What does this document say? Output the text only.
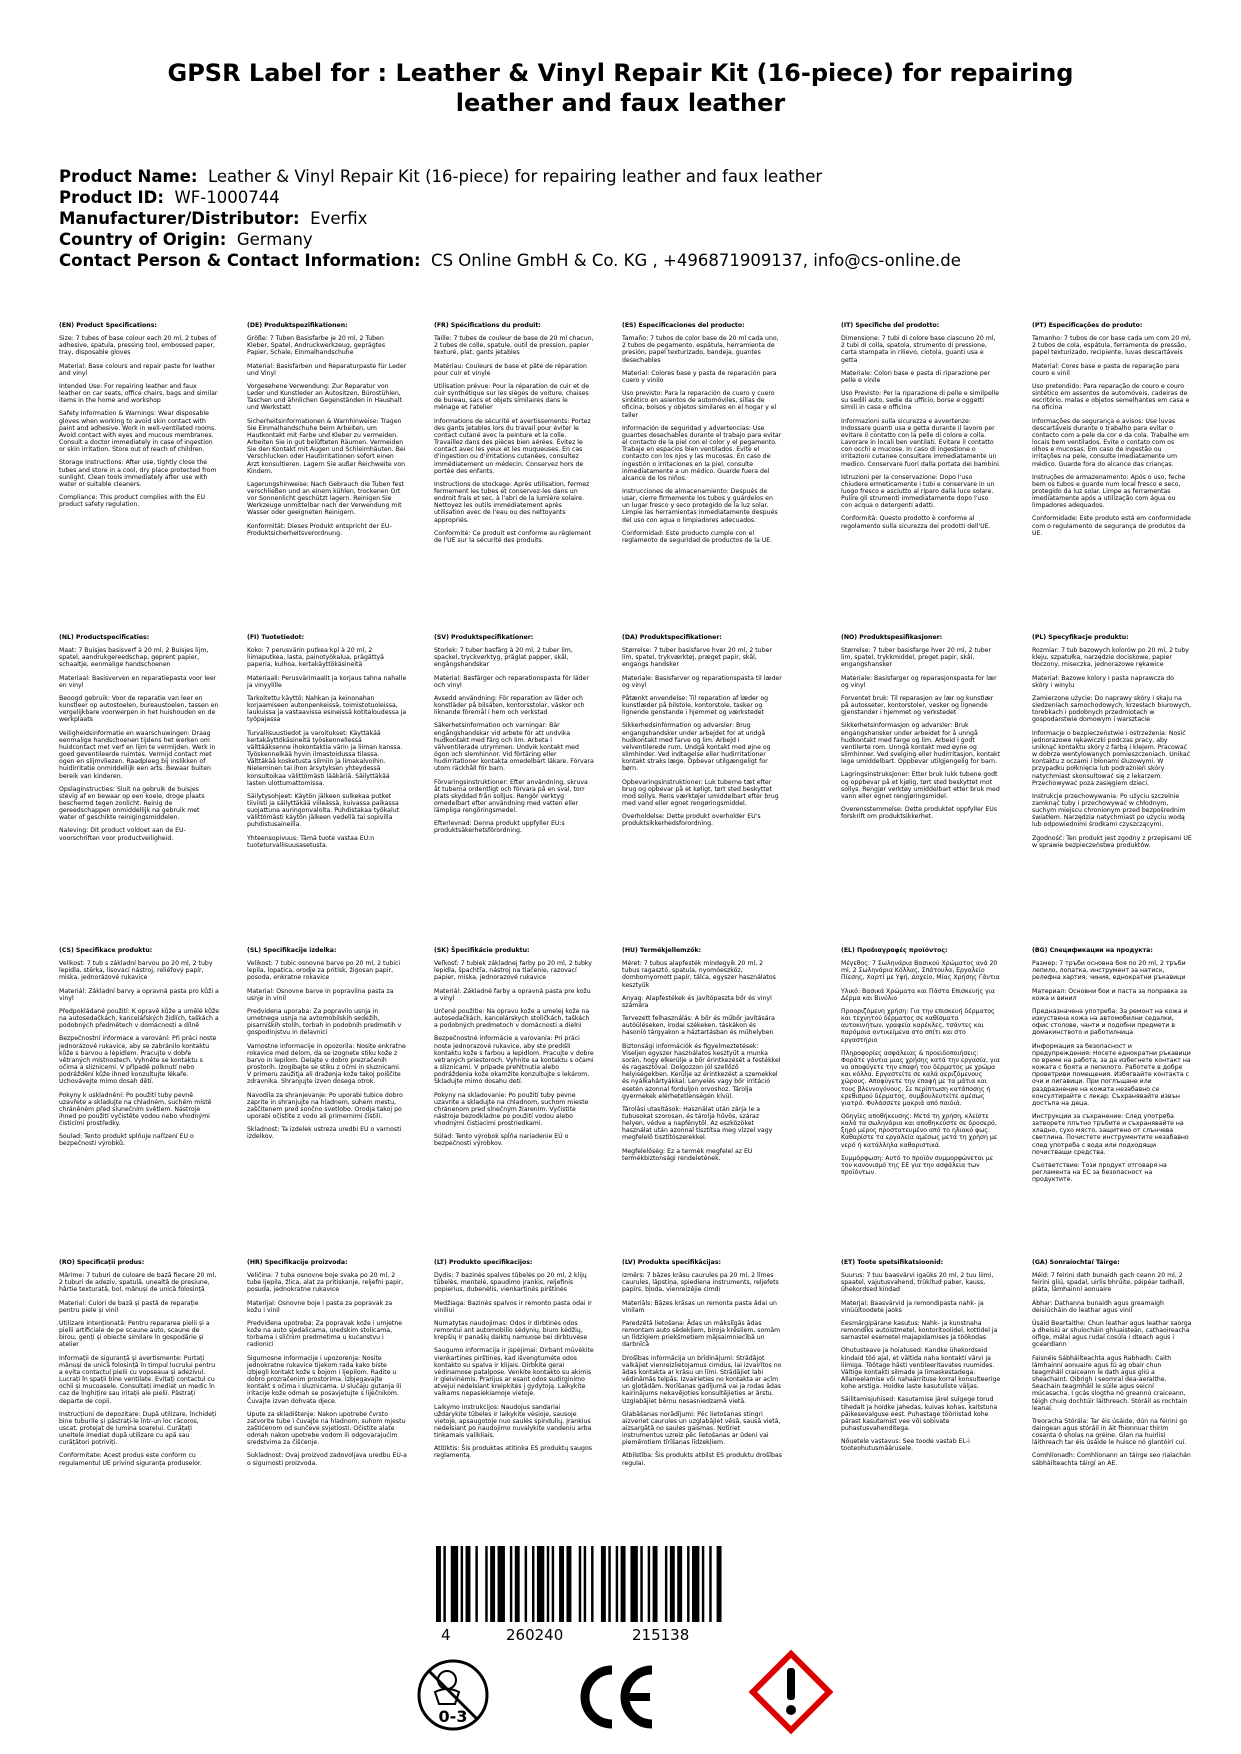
GPSR Label for : Leather & Vinyl Repair Kit (16-piece) for repairing leather and faux leather
Product Name: Leather & Vinyl Repair Kit (16-piece) for repairing leather and faux leather
Product ID: WF-1000744
Manufacturer/Distributor: Everfix
Country of Origin: Germany
Contact Person & Contact Information: CS Online GmbH & Co. KG , +496871909137, info@cs-online.de

(EN) Product Specifications:

Size: 7 tubes of base colour each 20 ml, 2 tubes of adhesive, spatula, pressing tool, embossed paper, tray, disposable gloves

Material: Base colours and repair paste for leather and vinyl

Intended Use: For repairing leather and faux leather on car seats, office chairs, bags and similar items in the home and workshop

Safety Information & Warnings: Wear disposable gloves when working to avoid skin contact with paint and adhesive. Work in well-ventilated rooms. Avoid contact with eyes and mucous membranes. Consult a doctor immediately in case of ingestion or skin irritation. Store out of reach of children.

Storage Instructions: After use, tightly close the tubes and store in a cool, dry place protected from sunlight. Clean tools immediately after use with water or suitable cleaners.

Compliance: This product complies with the EU product safety regulation.

(DE) Produktspezifikationen:

Größe: 7 Tuben Basisfarbe je 20 ml, 2 Tuben Kleber, Spatel, Andruckwerkzeug, geprägtes Papier, Schale, Einmalhandschuhe

Material: Basisfarben und Reparaturpaste für Leder und Vinyl

Vorgesehene Verwendung: Zur Reparatur von Leder und Kunstleder an Autositzen, Bürostühlen, Taschen und ähnlichen Gegenständen in Haushalt und Werkstatt

Sicherheitsinformationen & Warnhinweise: Tragen Sie Einmalhandschuhe beim Arbeiten, um Hautkontakt mit Farbe und Kleber zu vermeiden. Arbeiten Sie in gut belüfteten Räumen. Vermeiden Sie den Kontakt mit Augen und Schleimhäuten. Bei Verschlucken oder Hautirritationen sofort einen Arzt konsultieren. Lagern Sie außer Reichweite von Kindern.

Lagerungshinweise: Nach Gebrauch die Tuben fest verschließen und an einem kühlen, trockenen Ort vor Sonnenlicht geschützt lagern. Reinigen Sie Werkzeuge unmittelbar nach der Verwendung mit Wasser oder geeigneten Reinigern.

Konformität: Dieses Produkt entspricht der EU-Produktsicherheitsverordnung.

(FR) Spécifications du produit:

Taille: 7 tubes de couleur de base de 20 ml chacun, 2 tubes de colle, spatule, outil de pression, papier texturé, plat, gants jetables

Matériau: Couleurs de base et pâte de réparation pour cuir et vinyle

Utilisation prévue: Pour la réparation de cuir et de cuir synthétique sur les sièges de voiture, chaises de bureau, sacs et objets similaires dans le ménage et l'atelier

Informations de sécurité et avertissements: Portez des gants jetables lors du travail pour éviter le contact cutané avec la peinture et la colle. Travaillez dans des pièces bien aérées. Évitez le contact avec les yeux et les muqueuses. En cas d'ingestion ou d'irritations cutanées, consultez immédiatement un médecin. Conservez hors de portée des enfants.

Instructions de stockage: Après utilisation, fermez fermement les tubes et conservez-les dans un endroit frais et sec, à l'abri de la lumière solaire. Nettoyez les outils immédiatement après utilisation avec de l'eau ou des nettoyants appropriés.

Conformité: Ce produit est conforme au règlement de l'UE sur la sécurité des produits.

(ES) Especificaciones del producto:

Tamaño: 7 tubos de color base de 20 ml cada uno, 2 tubos de pegamento, espátula, herramienta de presión, papel texturizado, bandeja, guantes desechables

Material: Colores base y pasta de reparación para cuero y vinilo

Uso previsto: Para la reparación de cuero y cuero sintético en asientos de automóviles, sillas de oficina, bolsos y objetos similares en el hogar y el taller

Información de seguridad y advertencias: Use guantes desechables durante el trabajo para evitar el contacto de la piel con el color y el pegamento. Trabaje en espacios bien ventilados. Evite el contacto con los ojos y las mucosas. En caso de ingestión o irritaciones en la piel, consulte inmediatamente a un médico. Guarde fuera del alcance de los niños.

Instrucciones de almacenamiento: Después de usar, cierre firmemente los tubos y guárdelos en un lugar fresco y seco protegido de la luz solar. Limpie las herramientas inmediatamente después del uso con agua o limpiadores adecuados.

Conformidad: Este producto cumple con el reglamento de seguridad de productos de la UE.

(IT) Specifiche del prodotto:

Dimensione: 7 tubi di colore base ciascuno 20 ml, 2 tubi di colla, spatola, strumento di pressione, carta stampata in rilievo, ciotola, guanti usa e getta

Materiale: Colori base e pasta di riparazione per pelle e vinile

Uso Previsto: Per la riparazione di pelle e similpelle su sedili auto, sedie da ufficio, borse e oggetti simili in casa e officina

Informazioni sulla sicurezza e avvertenze: Indossare guanti usa e getta durante il lavoro per evitare il contatto con la pelle di colore e colla. Lavorare in locali ben ventilati. Evitare il contatto con occhi e mucose. In caso di ingestione o irritazioni cutanee consultare immediatamente un medico. Conservare fuori dalla portata dei bambini.

Istruzioni per la conservazione: Dopo l'uso chiudere ermeticamente i tubi e conservare in un luogo fresco e asciutto al riparo dalla luce solare. Pulire gli strumenti immediatamente dopo l'uso con acqua o detergenti adatti.

Conformità: Questo prodotto è conforme al regolamento sulla sicurezza dei prodotti dell'UE.

(PT) Especificações do produto:

Tamanho: 7 tubos de cor base cada um com 20 ml, 2 tubos de cola, espátula, ferramenta de pressão, papel texturizado, recipiente, luvas descartáveis

Material: Cores base e pasta de reparação para couro e vinil

Uso pretendido: Para reparação de couro e couro sintético em assentos de automóveis, cadeiras de escritório, malas e objetos semelhantes em casa e na oficina

Informações de segurança e avisos: Use luvas descartáveis durante o trabalho para evitar o contacto com a pele da cor e da cola. Trabalhe em locais bem ventilados. Evite o contato com os olhos e mucosas. Em caso de ingestão ou irritações na pele, consulte imediatamente um médico. Guarde fora do alcance das crianças.

Instruções de armazenamento: Após o uso, feche bem os tubos e guarde num local fresco e seco, protegido da luz solar. Limpe as ferramentas imediatamente após a utilização com água ou limpadores adequados.

Conformidade: Este produto está em conformidade com o regulamento de segurança de produtos da UE.

(NL) Productspecificaties:

Maat: 7 Buisjes basisverf à 20 ml, 2 Buisjes lijm, spatel, aandrukgereedschap, geprent papier, schaaltje, eenmalige handschoenen

Materiaal: Basisverven en reparatiepasta voor leer en vinyl

Beoogd gebruik: Voor de reparatie van leer en kunstleer op autostoelen, bureaustoelen, tassen en vergelijkbare voorwerpen in het huishouden en de werkplaats

Veiligheidsinformatie en waarschuwingen: Draag eenmalige handschoenen tijdens het werken om huidcontact met verf en lijm te vermijden. Werk in goed geventileerde ruimtes. Vermijd contact met ogen en slijmvliezen. Raadpleeg bij inslikken of huidirritatie onmiddellijk een arts. Bewaar buiten bereik van kinderen.

Opslaginstructies: Sluit na gebruik de buisjes stevig af en bewaar op een koele, droge plaats beschermd tegen zonlicht. Reinig de gereedschappen onmiddellijk na gebruik met water of geschikte reinigingsmiddelen.

Naleving: Dit product voldoet aan de EU-voorschriften voor productveiligheid.

(FI) Tuotetiedot:

Koko: 7 perusvärin putkea kpl à 20 ml, 2 liimaputkea, lasta, painotyökalua, prägättyä paperia, kulhoa, kertakäyttökäsineitä

Materiaali: Perusvärimaalit ja korjaus tahna nahalle ja vinyylille

Tarkoitettu käyttö: Nahkan ja keinonahan korjaamiseen autonpenkeissä, toimistotuoleissa, laukuissa ja vastaavissa esineissä kotitaloudessa ja työpajassa

Turvallisuustiedot ja varoitukset: Käyttäkää kertakäyttökäsineitä työskennellessä välttääksenne ihokontaktia värin ja liiman kanssa. Työskennelkää hyvin ilmastoidussa tilassa. Välttäkää kosketusta silmiin ja limakalvoihin. Nieleminen tai ihon ärsytyksen yhteydessä konsultoikaa välittömästi lääkäriä. Säilyttäkää lasten ulottumattomissa.

Säilytysohjeet: Käytön jälkeen sulkekaa putket tiiviisti ja säilyttäkää viileässä, kuivassa paikassa suojattuna auringonvalolta. Puhdistakaa työkalut välittömästi käytön jälkeen vedellä tai sopivilla puhdistusaineilla.

Yhteensopivuus: Tämä tuote vastaa EU:n tuoteturvallisuusasetusta.

(SV) Produktspecifikationer:

Storlek: 7 tuber basfärg à 20 ml, 2 tuber lim, spackel, tryckverktyg, präglat papper, skål, engångshandskar

Material: Basfärger och reparationspasta för läder och vinyl

Avsedd användning: För reparation av läder och konstläder på bilsäten, kontorsstolar, väskor och liknande föremål i hem och verkstad

Säkerhetsinformation och varningar: Bär engångshandskar vid arbete för att undvika hudkontakt med färg och lim. Arbeta i välventilerade utrymmen. Undvik kontakt med ögon och slemhinnor. Vid förtäring eller hudirritationer kontakta omedelbart läkare. Förvara utom räckhåll för barn.

Förvaringsinstruktioner: Efter användning, skruva åt tuberna ordentligt och förvara på en sval, torr plats skyddad från solljus. Rengör verktyg omedelbart efter användning med vatten eller lämpliga rengöringsmedel.

Efterlevnad: Denna produkt uppfyller EU:s produktsäkerhetsförordning.

(DA) Produktspecifikationer:

Størrelse: 7 tuber basisfarve hver 20 ml, 2 tuber lim, spatel, trykværktøj, præget papir, skål, engangs handsker

Materiale: Basisfarver og reparationspasta til læder og vinyl

Påtænkt anvendelse: Til reparation af læder og kunstlæder på bilstole, kontorstole, tasker og lignende genstande i hjemmet og værkstedet

Sikkerhedsinformation og advarsler: Brug engangshandsker under arbejdet for at undgå hudkontakt med farve og lim. Arbejd i velventilerede rum. Undgå kontakt med øjne og slimhinder. Ved indtagelse eller hudirritationer kontakt straks læge. Opbevar utilgængeligt for børn.

Opbevaringsinstruktioner: Luk tuberne tæt efter brug og opbevar på et køligt, tørt sted beskyttet mod sollys. Rens værktøjer umiddelbart efter brug med vand eller egnet rengøringsmiddel.

Overholdelse: Dette produkt overholder EU's produktsikkerhedsforordning.

(NO) Produktspesifikasjoner:

Størrelse: 7 tuber basisfarge hver 20 ml, 2 tuber lim, spatel, trykkmiddel, preget papir, skål, engangshansker

Materiale: Basisfarger og reparasjonspasta for lær og vinyl

Forventet bruk: Til reparasjon av lær og kunstlær på autosseter, kontorstoler, vesker og lignende gjenstander i hjemmet og verkstedet

Sikkerhetsinformasjon og advarsler: Bruk engangshansker under arbeidet for å unngå hudkontakt med farge og lim. Arbeid i godt ventilerte rom. Unngå kontakt med øyne og slimhinner. Ved svelging eller hudirritasjon, kontakt lege umiddelbart. Oppbevar utilgjengelig for barn.

Lagringsinstruksjoner: Etter bruk lukk tubene godt og oppbevar på et kjølig, tørt sted beskyttet mot sollys. Rengjør verktøy umiddelbart etter bruk med vann eller egnet rengjøringsmidel.

Overensstemmelse: Dette produktet oppfyller EUs forskrift om produktsikkerhet.

(PL) Specyfikacje produktu:

Rozmiar: 7 tub bazowych kolorów po 20 ml, 2 tuby kleju, szpatułka, narzędzie dociskowe, papier tłoczony, miseczka, jednorazowe rękawice

Materiał: Bazowe kolory i pasta naprawcza do skóry i winylu

Zamierzone użycie: Do naprawy skóry i skaju na siedzeniach samochodowych, krzesłach biurowych, torebkach i podobnych przedmiotach w gospodarstwie domowym i warsztacie

Informacje o bezpieczeństwie i ostrzeżenia: Nosić jednorazowe rękawiczki podczas pracy, aby uniknąć kontaktu skóry z farbą i klejem. Pracować w dobrze wentylowanych pomieszczeniach. Unikać kontaktu z oczami i błonami śluzowymi. W przypadku połknięcia lub podrażnień skóry natychmiast skonsultować się z lekarzem. Przechowywać poza zasięgiem dzieci.

Instrukcje przechowywania: Po użyciu szczelnie zamknąć tuby i przechowywać w chłodnym, suchym miejscu chronionym przed bezpośrednim światłem. Narzędzia natychmiast po użyciu wodą lub odpowiednimi środkami czyszczącymi.

Zgodność: Ten produkt jest zgodny z przepisami UE w sprawie bezpieczeństwa produktów.

(CS) Specifikace produktu:

Velikost: 7 tub s základní barvou po 20 ml, 2 tuby lepidla, stěrka, lisovací nástroj, reliéfový papír, miska, jednorázové rukavice

Materiál: Základní barvy a opravná pasta pro kůži a vinyl

Předpokládané použití: K opravě kůže a umělé kůže na autosedačkách, kancelářských židlích, taškách a podobných předmětech v domácnosti a dílně

Bezpečnostní informace a varování: Při práci noste jednorázové rukavice, aby se zabránilo kontaktu kůže s barvou a lepidlem. Pracujte v dobře větraných místnostech. Vyhněte se kontaktu s očima a sliznicemi. V případě polknutí nebo podráždění kůže ihned konzultujte lékaře. Uchovávejte mimo dosah dětí.

Pokyny k uskladnění: Po použití tuby pevně uzavřete a skladujte na chladném, suchém místě chráněném před slunečním světlem. Nástroje ihned po použití vyčistěte vodou nebo vhodnými čisticími prostředky.

Soulad: Tento produkt splňuje nařízení EU o bezpečnosti výrobků.

(SL) Specifikacije izdelka:

Velikost: 7 tubic osnovne barve po 20 ml, 2 tubici lepila, lopatica, orodje za pritisk, žigosan papir, posoda, enkratne rokavice

Material: Osnovne barve in popravilna pasta za usnje in vinil

Predvidena uporaba: Za popravilo usnja in umetnega usnja na avtomobilskih sedežih, pisarniških stolih, torbah in podobnih predmetih v gospodinjstvu in delavnici

Varnostne informacije in opozorila: Nosite enkratne rokavice med delom, da se izognete stiku kože z barvo in lepilom. Delajte v dobro prezračenih prostorih. Izogibajte se stiku z očmi in sluznicami. V primeru zaužitja ali draženja kože takoj poiščite zdravnika. Shranjujte izven dosega otrok.

Navodila za shranjevanje: Po uporabi tubice dobro zaprite in shranjujte na hladnem, suhem mestu, zaščitenem pred sončno svetlobo. Orodja takoj po uporabi očistite z vodo ali primernimi čistili.

Skladnost: Ta izdelek ustreza uredbi EU o varnosti izdelkov.

(SK) Špecifikácie produktu:

Veľkosť: 7 tubiek základnej farby po 20 ml, 2 tubky lepidla, špachtľa, nástroj na tlačenie, razovací papier, miska, jednorazové rukavice

Materiál: Základné farby a opravná pasta pre kožu a vinyl

Určené použitie: Na opravu kože a umelej kože na autosedačkách, kancelárskych stoličkách, taškách a podobných predmetoch v domácnosti a dielni

Bezpečnostné informácie a varovania: Pri práci noste jednorazové rukavice, aby ste predišli kontaktu kože s farbou a lepidlom. Pracujte v dobre vetraných priestoroch. Vyhnite sa kontaktu s očami a sliznicami. V prípade prehltnutia alebo podráždenia kože okamžite konzultujte s lekárom. Skladujte mimo dosahu detí.

Pokyny na skladovanie: Po použití tuby pevne uzavrite a skladujte na chladnom, suchom mieste chránenom pred slnečným žiarením. Vyčistite nástroje bezodkladne po použití vodou alebo vhodnými čistiacimi prostriedkami.

Súlad: Tento výrobok spĺňa nariadenie EÚ o bezpečnosti výrobkov.

(HU) Termékjellemzők:

Méret: 7 tubus alapfesték mindegyik 20 ml, 2 tubus ragasztó, spatula, nyomóeszköz, dombornyomott papír, tálca, egyszer használatos kesztyűk

Anyag: Alapfestékek és javítópaszta bőr és vinyl számára

Tervezett felhasználás: A bőr és műbőr javítására autóüléseken, irodai székeken, táskákon és hasonló tárgyakon a háztartásban és műhelyben

Biztonsági információk és figyelmeztetések: Viseljen egyszer használatos kesztyűt a munka során, hogy elkerülje a bőr érintkezését a festékkel és ragasztóval. Dolgozzon jól szellőző helyiségekben. Kerülje az érintkezést a szemekkel és nyálkahártyákkal. Lenyelés vagy bőr irritáció esetén azonnal forduljon orvoshoz. Tárolja gyermekek elérhetetlenségén kívül.

Tárolási utasítások: Használat után zárja le a tubusokat szorosan, és tárolja hűvös, száraz helyen, védve a napfénytől. Az eszközöket használat után azonnal tisztítsa meg vízzel vagy megfelelő tisztítószerekkel.

Megfelelőség: Ez a termék megfelel az EU termékbiztonsági rendeletének.

(EL) Προδιαγραφές προϊόντος:

Μέγεθος: 7 Σωληνάρια Βασικού Χρώματος ανά 20 ml, 2 Σωληνάρια Κόλλας, Σπάτουλα, Εργαλείο Πίεσης, Χαρτί με Υφή, Δοχείο, Μίας Χρήσης Γάντια

Υλικό: Βασικά Χρώματα και Πάστα Επισκευής για Δέρμα και Βινύλιο

Προοριζόμενη χρήση: Για την επισκευή δέρματος και τεχνητού δέρματος σε καθίσματα αυτοκινήτων, γραφεία καρέκλες, τσάντες και παρόμοια αντικείμενα στο σπίτι και στο εργαστήριο

Πληροφορίες ασφάλειας & προειδοποιήσεις: Φοράτε γάντια μιας χρήσης κατά την εργασία, για να αποφύγετε την επαφή του δέρματος με χρώμα και κόλλα. Εργαστείτε σε καλά αεριζόμενους χώρους. Αποφύγετε την επαφή με τα μάτια και τους βλεννογόνους. Σε περίπτωση κατάποσης ή ερεθισμού δέρματος, συμβουλευτείτε αμέσως γιατρό. Φυλάσσετε μακριά από παιδιά.

Οδηγίες αποθήκευσης: Μετά τη χρήση, κλείστε καλά τα σωληνάρια και αποθηκεύστε σε δροσερό, ξηρό μέρος προστατευμένο από το ηλιακό φως. Καθαρίστε τα εργαλεία αμέσως μετά τη χρήση με νερό ή κατάλληλα καθαριστικά.

Συμμόρφωση: Αυτό το προϊόν συμμορφώνεται με τον κανονισμό της ΕΕ για την ασφάλεια των προϊόντων.

(BG) Спецификации на продукта:

Размер: 7 тръби основна боя по 20 ml, 2 тръби лепило, лопатка, инструмент за натиск, релефна хартия, чиния, еднократни ръкавици

Материал: Основни бои и паста за поправка за кожа и винил

Предназначена употреба: За ремонт на кожа и изкуствена кожа на автомобилни седалки, офис столове, чанти и подобни предмети в домакинството и работилница

Информация за безопасност и предупреждения: Носете еднократни ръкавици по време на работа, за да избегнете контакт на кожата с боята и лепилото. Работете в добре проветриви помещения. Избягвайте контакта с очи и лигавици. При поглъщане или раздразнение на кожата незабавно се консултирайте с лекар. Съхранявайте извън достъпа на деца.

Инструкции за съхранение: След употреба затворете плътно тръбите и съхранявайте на хладно, сухо място, защитено от слънчева светлина. Почистете инструментите незабавно след употреба с вода или подходящи почистващи средства.

Съответствие: Този продукт отговаря на регламента на ЕС за безопасност на продуктите.

(RO) Specificații produs:

Mărime: 7 tuburi de culoare de bază fiecare 20 ml, 2 tuburi de adeziv, spatulă, unealtă de presiune, hârtie texturată, bol, mănuși de unică folosință

Material: Culori de bază și pastă de reparație pentru piele și vinil

Utilizare intenționată: Pentru repararea pielii și a pielii artificiale de pe scaune auto, scaune de birou, genți și obiecte similare în gospodărie și atelier

Informații de siguranță și avertismente: Purtați mănuși de unică folosință în timpul lucrului pentru a evita contactul pielii cu vopseaua și adezivul. Lucrați în spații bine ventilate. Evitați contactul cu ochii și mucoasele. Consultați imediat un medic în caz de înghițire sau iritații ale pielii. Păstrați departe de copii.

Instrucțiuni de depozitare: După utilizare, închideți bine tuburile și păstrați-le într-un loc răcoros, uscat, protejat de lumina soarelui. Curățați uneltele imediat după utilizare cu apă sau curățători potriviți.

Conformitate: Acest produs este conform cu regulamentul UE privind siguranța produselor.

(HR) Specifikacije proizvoda:

Veličina: 7 tuba osnovne boje svaka po 20 ml, 2 tube ljepila, žlica, alat za pritiskanje, reljefni papir, posuda, jednokratne rukavice

Materijal: Osnovne boje i pasta za popravak za kožu i vinil

Predviđena upotreba: Za popravak kože i umjetne kože na auto sjedalicama, uredskim stolicama, torbama i sličnim predmetima u kućanstvu i radionici

Sigurnosne informacije i upozorenja: Nosite jednokratne rukavice tijekom rada kako biste izbjegli kontakt kože s bojom i ljepilom. Radite u dobro prozračenim prostorima. Izbjegavajte kontakt s očima i sluznicama. U slučaju gutanja ili iritacije kože odmah se posavjetujte s liječnikom. Čuvajte izvan dohvata djece.

Upute za skladištenje: Nakon upotrebe čvrsto zatvorite tube i čuvajte na hladnom, suhom mjestu zaštićenom od sunčeve svjetlosti. Očistite alate odmah nakon upotrebe vodom ili odgovarajućim sredstvima za čišćenje.

Sukladnost: Ovaj proizvod zadovoljava uredbu EU-a o sigurnosti proizvoda.

(LT) Produkto specifikacijos:

Dydis: 7 bazinės spalvos tūbelės po 20 ml, 2 klijų tūbelės, mentelė, spaudimo įrankis, reljefinis popierius, dubenėlis, vienkartinės pirštinės

Medžiaga: Bazinės spalvos ir remonto pasta odai ir viniliui

Numatytas naudojimas: Odos ir dirbtinės odos remontui ant automobilio sėdynių, biuro kėdžių, krepšių ir panašių daiktų namuose bei dirbtuvėse

Saugumo informacija ir įspėjimai: Dirbant mūvėkite vienkartines pirštines, kad išvengtumėte odos kontakto su spalva ir klijais. Dirbkite gerai vėdinamose patalpose. Venkite kontakto su akimis ir gleivinėmis. Prarijus ar esant odos sudirginimo atvejui nedelsiant kreipkitės į gydytoją. Laikykite vaikams nepasiekiamoje vietoje.

Laikymo instrukcijos: Naudojus sandariai uždarykite tūbeles ir laikykite vėsioje, sausoje vietoje, apsaugotoje nuo saulės spindulių. Įrankius nedelsiant po naudojimo nuvalykite vandeniu arba tinkamais valikliais.

Atitiktis: Šis produktas atitinka ES produktų saugos reglamentą.

(LV) Produkta specifikācijas:

Izmērs: 7 bāzes krāsu caurules pa 20 ml, 2 līmes caurules, lāpstiņa, spiediena instruments, reljefets papīrs, bļoda, vienreizējie cimdi

Materiāls: Bāzes krāsas un remonta pasta ādai un vinilam

Paredzētā lietošana: Ādas un mākslīgās ādas remontam auto sēdekļiem, biroja krēsliem, somām un līdzīgiem priekšmetiem mājsaimniecībā un darbnīcā

Drošības informācija un brīdinājumi: Strādājot valkājiet vienreizlietojamus cimdus, lai izvairītos no ādas kontakta ar krāsu un līmi. Strādājiet labi vēdināmās telpās. Izvairieties no kontakta ar acīm un gļotādām. Norīšanas gadījumā vai ja rodas ādas kairinājums nekavējoties konsultējieties ar ārstu. Uzglabājiet bērnu nesasniedzamā vietā.

Glabāšanas norādījumi: Pēc lietošanas stingri aizveriet caurules un uzglabājiet vēsā, sausā vietā, aizsargātā no saules gaismas. Notīriet instrumentus uzreiz pēc lietošanas ar ūdeni vai piemērotiem tīrīšanas līdzekļiem.

Atbilstība: Šis produkts atbilst ES produktu drošības regulai.

(ET) Toote spetsifikatsioonid:

Suurus: 7 tuu baasvärvi igaüks 20 ml, 2 tuu liimi, spaatel, vajutusvahend, trükitud paber, kauss, ühekordsed kindad

Materjal: Baasvärvid ja remondipasta nahk- ja vinüültoodete jaoks

Eesmärgipärane kasutus: Nahk- ja kunstnaha remondiks autoistmetel, kontoritoolidel, kottidel ja sarnastel esemetel majapidamises ja töökodas

Ohutusteave ja hoiatused: Kandke ühekordseid kindaid töö ajal, et vältida naha kontakti värvi ja liimiga. Töötage hästi ventileeritavates ruumides. Vältige kontakti silmade ja limaskestadega. Allaneelamise või nahaärrituse korral konsulteerige kohe arstiga. Hoidke laste kasutuliste väljas.

Säilitamisjuhised: Kasutamise järel sulgege torud tihedalt ja hoidke jahedas, kuivas kohas, kaitstuna päikesevalguse eest. Puhastage tööriistad kohe pärast kasutamist vee või sobivate puhastusvahenditega.

Nõuetele vastavus: See toode vastab EL-i tooteohutusmäärusele.

(GA) Sonraíochtaí Táirge:

Méid: 7 feirini dath bunaidh gach ceann 20 ml, 2 feirini gliú, spadal, uirlis bhrúite, páipéar tadhaill, pláta, lámhainní aonuaire

Ábhar: Dathanna bunaidh agus greamaigh deisiúcháin do leathar agus vinil

Úsáid Beartaithe: Chun leathar agus leathar saorga a dheisiú ar shuíocháin ghluaisteán, cathaoireacha oifige, málaí agus rudaí cosúla i dteach agus i gceardlann

Faisnéis Sábháilteachta agus Rabhadh: Caith lámhainní aonuaire agus tú ag obair chun teagmháil craiceann le dath agus gliú a sheachaint. Oibrigh i seomraí dea-aeraithe. Seachain teagmháil le súile agus seicní múcasacha. I gcás slogtha nó greannú craiceann, téigh chuig dochtúir láithreach. Stóráil as rochtain leanaí.

Treoracha Stórála: Tar éis úsáide, dún na feirini go daingean agus stóráil in áit fhionnuar thirim cosanta ó sholas na gréine. Glan na huirlisí láithreach tar éis úsáide le huisce nó glantóirí cuí.

Comhlíonadh: Comhlíonann an táirge seo rialachán sábháilteachta táirgí an AE.

4	260240	215138
0-3
